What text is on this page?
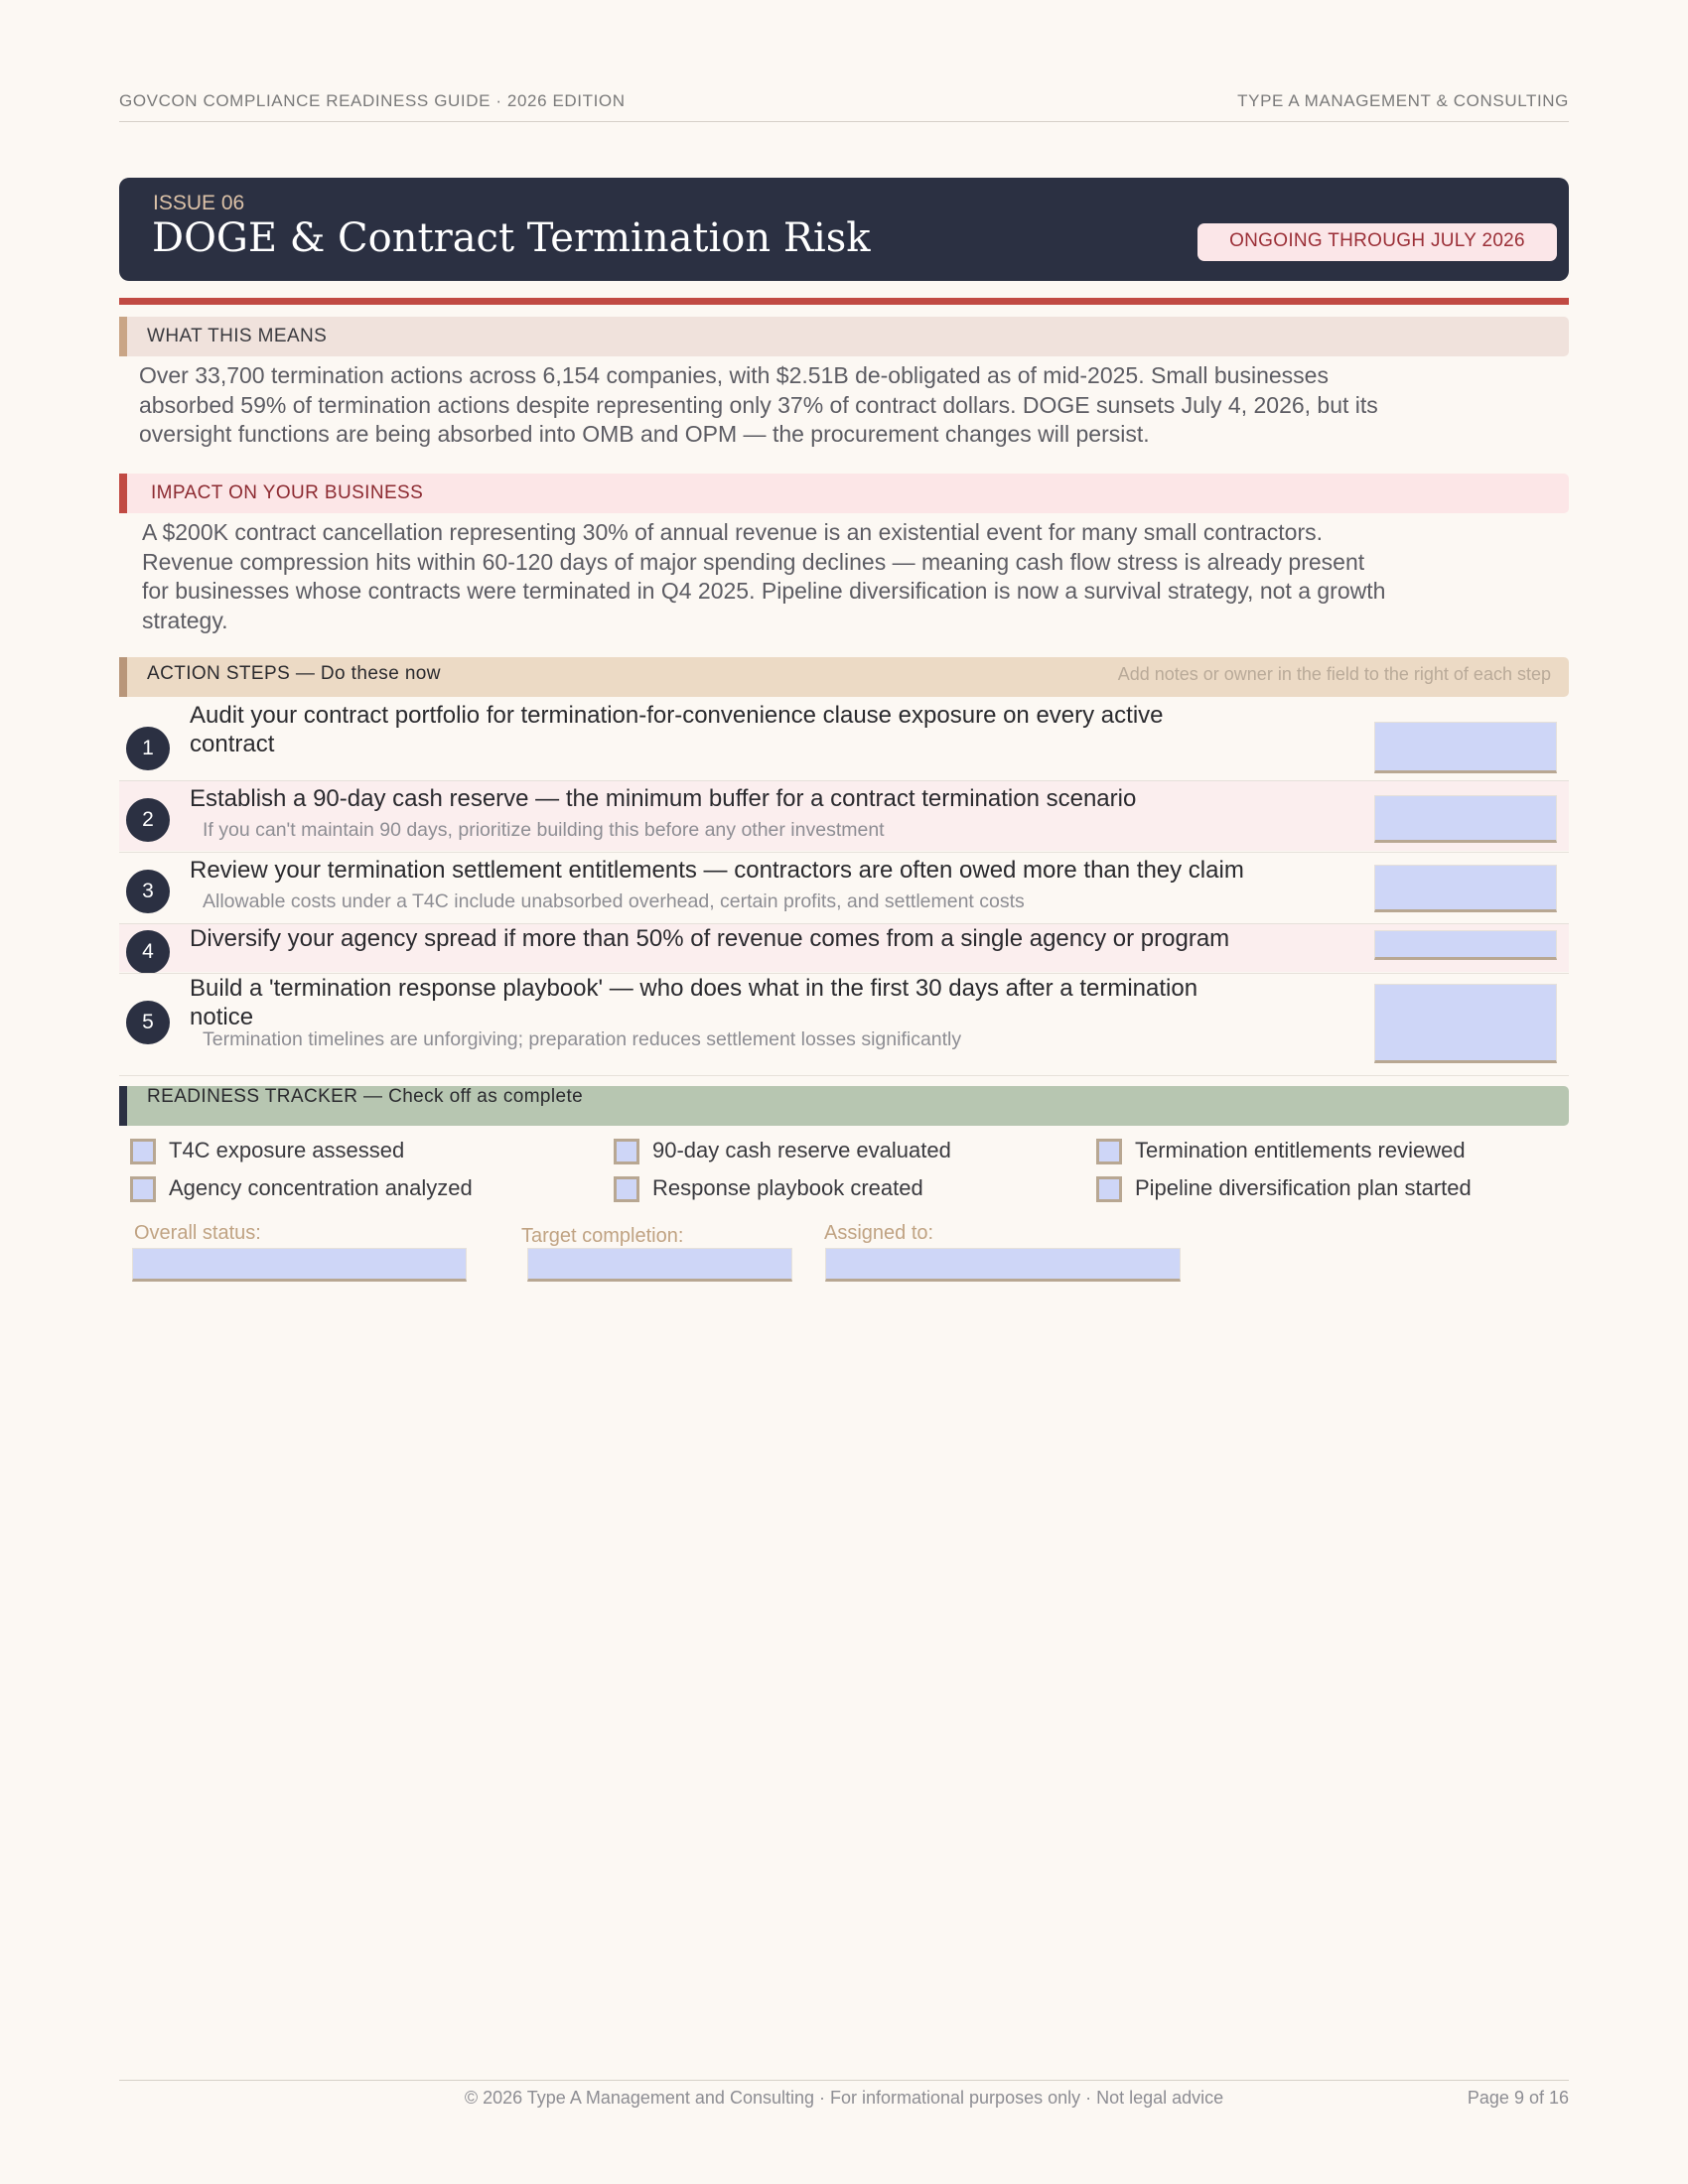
GOVCON COMPLIANCE READINESS GUIDE · 2026 EDITION	TYPE A MANAGEMENT & CONSULTING
ISSUE 06
DOGE & Contract Termination Risk	ONGOING THROUGH JULY 2026
WHAT THIS MEANS
Over 33,700 termination actions across 6,154 companies, with $2.51B de-obligated as of mid-2025. Small businesses
absorbed 59% of termination actions despite representing only 37% of contract dollars. DOGE sunsets July 4, 2026, but its
oversight functions are being absorbed into OMB and OPM — the procurement changes will persist.
IMPACT ON YOUR BUSINESS
A $200K contract cancellation representing 30% of annual revenue is an existential event for many small contractors.
Revenue compression hits within 60-120 days of major spending declines — meaning cash flow stress is already present
for businesses whose contracts were terminated in Q4 2025. Pipeline diversification is now a survival strategy, not a growth
strategy.
ACTION STEPS — Do these now	Add notes or owner in the field to the right of each step
1
Audit your contract portfolio for termination-for-convenience clause exposure on every active
contract
2
Establish a 90-day cash reserve — the minimum buffer for a contract termination scenario
If you can't maintain 90 days, prioritize building this before any other investment
3
Review your termination settlement entitlements — contractors are often owed more than they claim
Allowable costs under a T4C include unabsorbed overhead, certain profits, and settlement costs
4	Diversify your agency spread if more than 50% of revenue comes from a single agency or program
5
Build a 'termination response playbook' — who does what in the first 30 days after a termination
notice
Termination timelines are unforgiving; preparation reduces settlement losses significantly
READINESS TRACKER — Check off as complete
T4C exposure assessed	90-day cash reserve evaluated	Termination entitlements reviewed
Agency concentration analyzed	Response playbook created	Pipeline diversification plan started
Overall status:	Target completion:	Assigned to:
© 2026 Type A Management and Consulting · For informational purposes only · Not legal advice	Page 9 of 16
